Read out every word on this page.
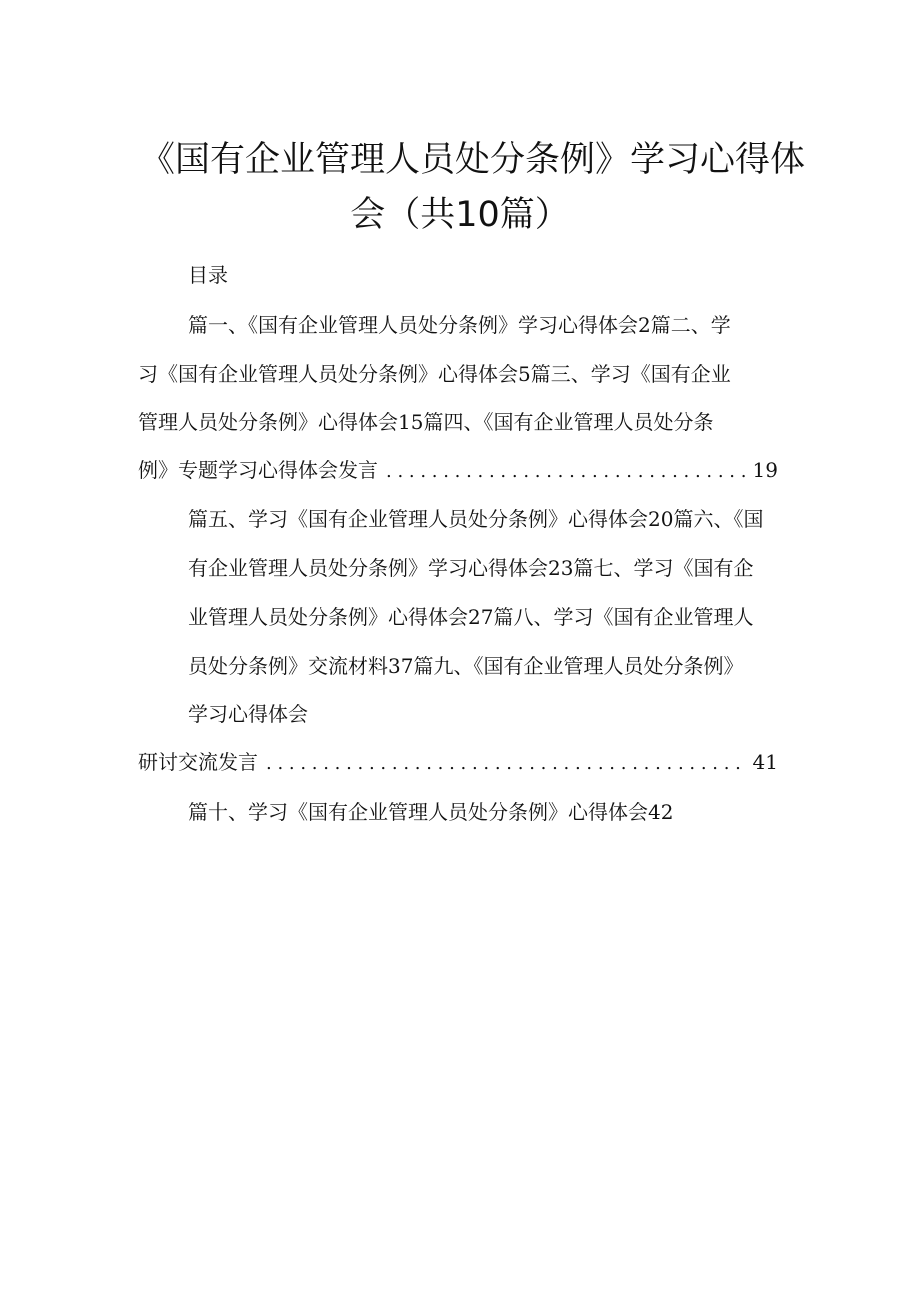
《国有企业管理人员处分条例》学习心得体
会（共10篇）
目录
篇一、《国有企业管理人员处分条例》学习心得体会2篇二、学
习《国有企业管理人员处分条例》心得体会5篇三、学习《国有企业
管理人员处分条例》心得体会15篇四、《国有企业管理人员处分条
例》专题学习心得体会发言 . . .	19
篇五、学习《国有企业管理人员处分条例》心得体会20篇六、《国
有企业管理人员处分条例》学习心得体会23篇七、学习《国有企
业管理人员处分条例》心得体会27篇八、学习《国有企业管理人
员处分条例》交流材料37篇九、《国有企业管理人员处分条例》
学习心得体会
研讨交流发言 . . .	41
篇十、学习《国有企业管理人员处分条例》心得体会42
